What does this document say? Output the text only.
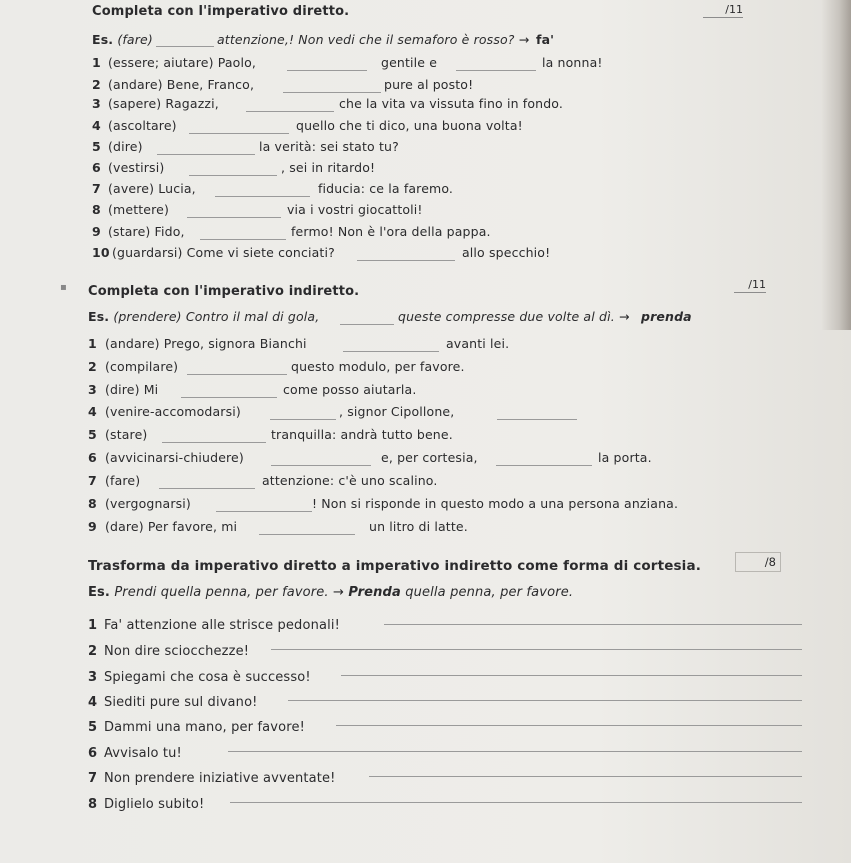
Completa con l'imperativo diretto.	/11
Es. (fare)	attenzione,! Non vedi che il semaforo è rosso? → fa'
1 (essere; aiutare) Paolo,	gentile e	la nonna!
2 (andare) Bene, Franco,	pure al posto!
3 (sapere) Ragazzi,	che la vita va vissuta fino in fondo.
4 (ascoltare)	quello che ti dico, una buona volta!
5 (dire)	la verità: sei stato tu?
6 (vestirsi)	, sei in ritardo!
7 (avere) Lucia,	fiducia: ce la faremo.
8 (mettere)	via i vostri giocattoli!
9 (stare) Fido,	fermo! Non è l'ora della pappa.
10 (guardarsi) Come vi siete conciati?	allo specchio!
▪ Completa con l'imperativo indiretto.	/11
Es. (prendere) Contro il mal di gola,	queste compresse due volte al dì. → prenda
1 (andare) Prego, signora Bianchi	avanti lei.
2 (compilare)	questo modulo, per favore.
3 (dire) Mi	come posso aiutarla.
4 (venire-accomodarsi)	, signor Cipollone,
5 (stare)	tranquilla: andrà tutto bene.
6 (avvicinarsi-chiudere)	e, per cortesia,	la porta.
7 (fare)	attenzione: c'è uno scalino.
8 (vergognarsi)	! Non si risponde in questo modo a una persona anziana.
9 (dare) Per favore, mi	un litro di latte.
Trasforma da imperativo diretto a imperativo indiretto come forma di cortesia.	/8
Es. Prendi quella penna, per favore. → Prenda quella penna, per favore.
1 Fa' attenzione alle strisce pedonali!
2 Non dire sciocchezze!
3 Spiegami che cosa è successo!
4 Siediti pure sul divano!
5 Dammi una mano, per favore!
6 Avvisalo tu!
7 Non prendere iniziative avventate!
8 Diglielo subito!
